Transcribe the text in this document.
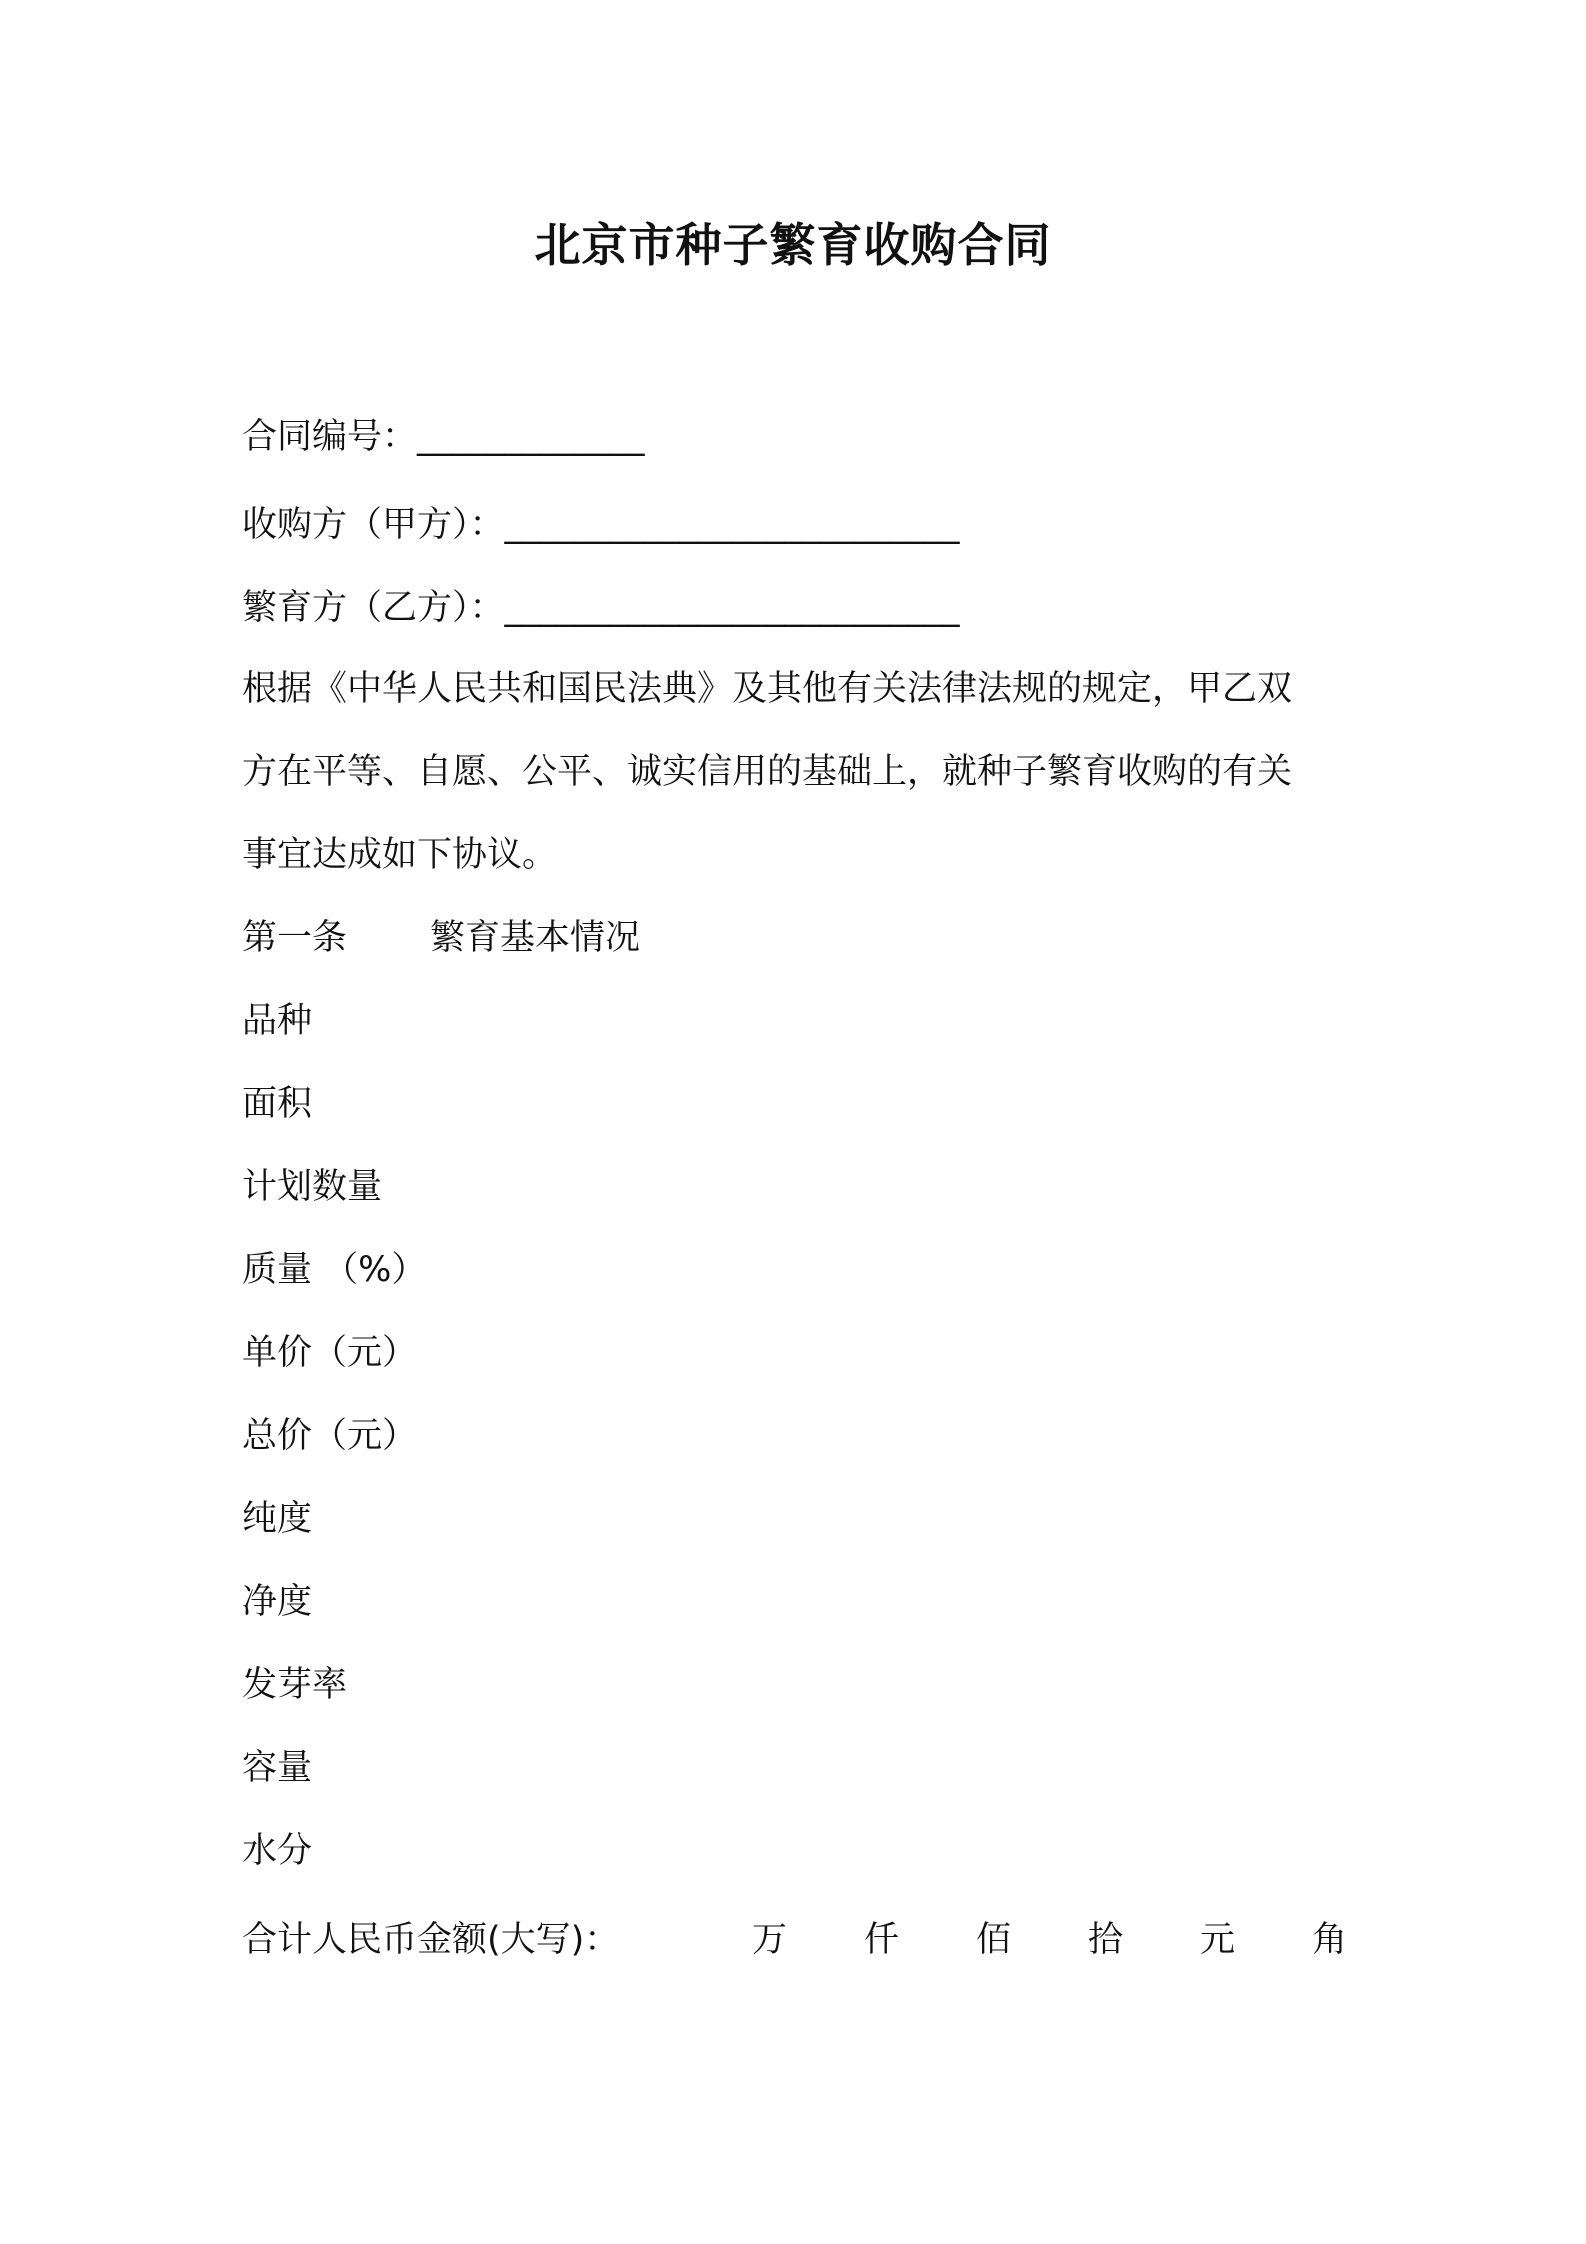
北京市种子繁育收购合同
合同编号：_____________
收购方（甲方）：__________________________
繁育方（乙方）：__________________________

根据《中华人民共和国民法典》及其他有关法律法规的规定，甲乙双

方在平等、自愿、公平、诚实信用的基础上，就种子繁育收购的有关

事宜达成如下协议。

第一条 繁育基本情况

品种

面积

计划数量

质量 （%）

单价（元）

总价（元）

纯度

净度

发芽率

容量

水分

合计人民币金额(大写)：	万 仟 佰 拾 元 角
